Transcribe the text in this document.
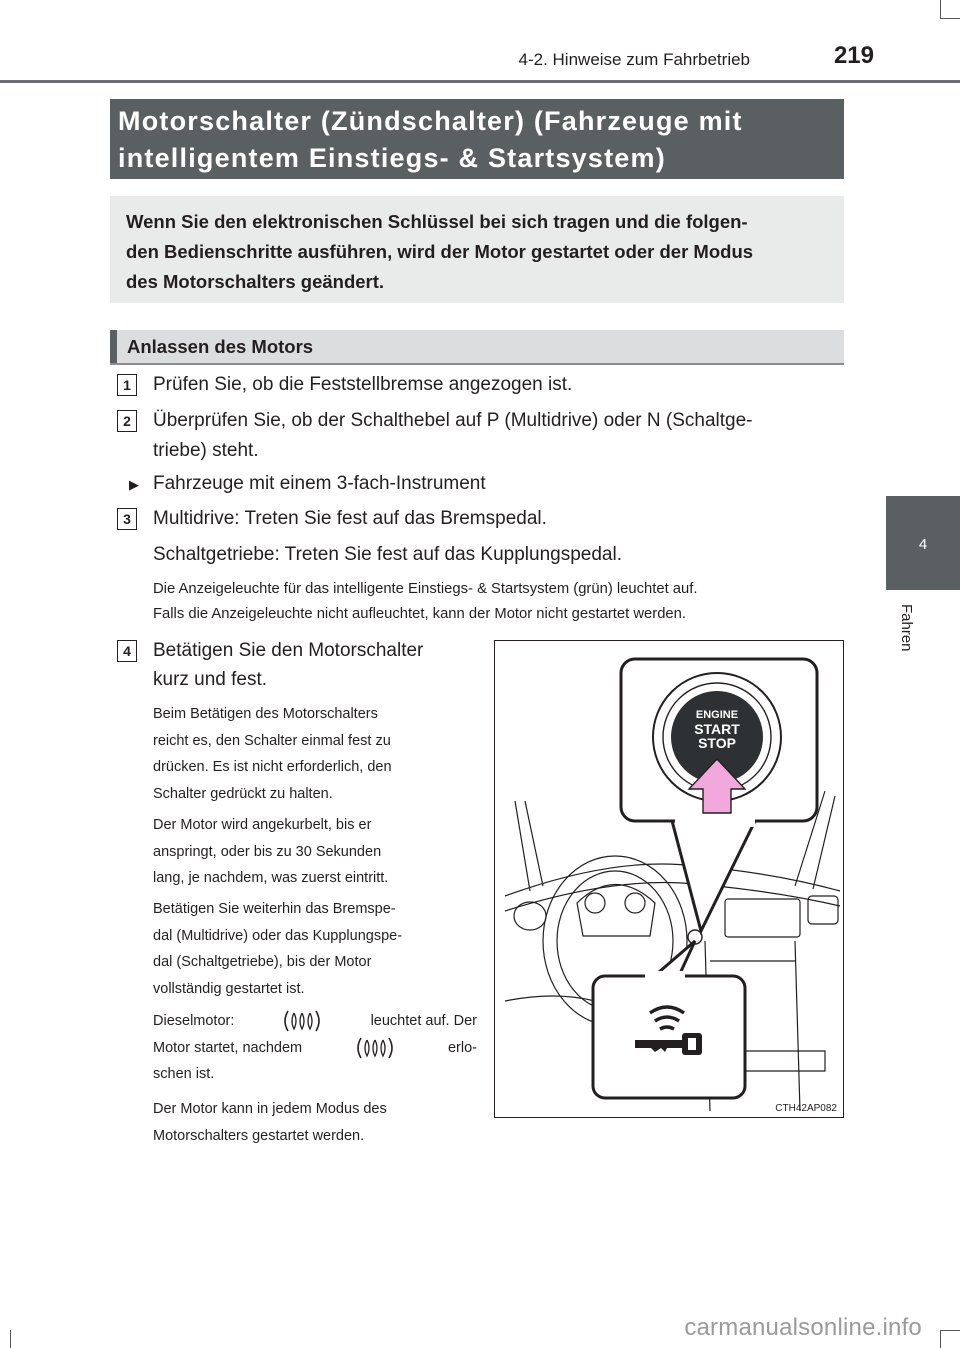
4-2. Hinweise zum Fahrbetrieb	219
4
Fahren
Motorschalter (Zündschalter) (Fahrzeuge mit
intelligentem Einstiegs- & Startsystem)
Wenn Sie den elektronischen Schlüssel bei sich tragen und die folgen-
den Bedienschritte ausführen, wird der Motor gestartet oder der Modus
des Motorschalters geändert.
Anlassen des Motors
1	Prüfen Sie, ob die Feststellbremse angezogen ist.
2	Überprüfen Sie, ob der Schalthebel auf P (Multidrive) oder N (Schaltge-
triebe) steht.
▶ Fahrzeuge mit einem 3-fach-Instrument
3	Multidrive: Treten Sie fest auf das Bremspedal.
Schaltgetriebe: Treten Sie fest auf das Kupplungspedal.
Die Anzeigeleuchte für das intelligente Einstiegs- & Startsystem (grün) leuchtet auf.
Falls die Anzeigeleuchte nicht aufleuchtet, kann der Motor nicht gestartet werden.
4	Betätigen Sie den Motorschalter
kurz und fest.
Beim Betätigen des Motorschalters
reicht es, den Schalter einmal fest zu
drücken. Es ist nicht erforderlich, den
Schalter gedrückt zu halten.
Der Motor wird angekurbelt, bis er
anspringt, oder bis zu 30 Sekunden
lang, je nachdem, was zuerst eintritt.
Betätigen Sie weiterhin das Bremspe-
dal (Multidrive) oder das Kupplungspe-
dal (Schaltgetriebe), bis der Motor
vollständig gestartet ist.
Dieselmotor:	leuchtet auf. Der
Motor startet, nachdem	erlo-
schen ist.
Der Motor kann in jedem Modus des
Motorschalters gestartet werden.
ENGINE
START
STOP
CTH42AP082
carmanualsonline.info
